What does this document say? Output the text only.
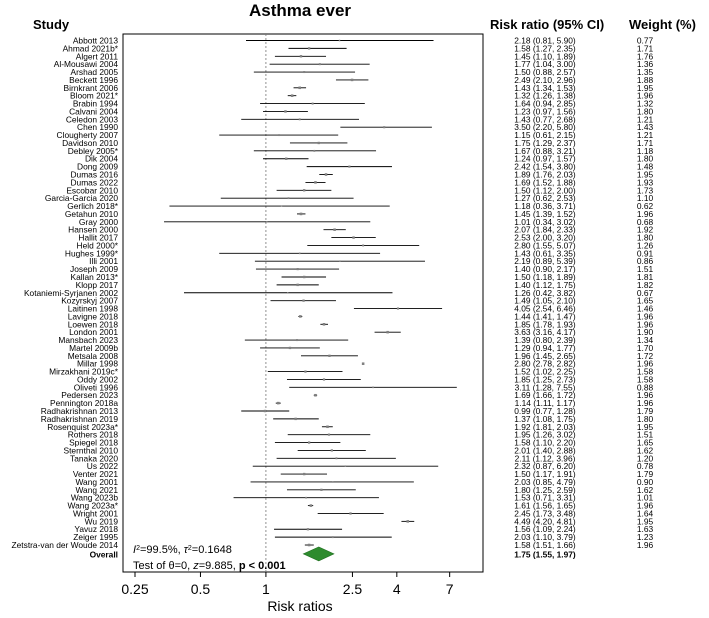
Asthma ever
Study	Risk ratio (95% CI) Weight (%)
Abbott 2013	2.18 (0.81, 5.90)	0.77
Ahmad 2021b*	1.58 (1.27, 2.35)	1.71
Algert 2011	1.45 (1.10, 1.89)	1.76
Al-Mousawi 2004	1.77 (1.04, 3.00)	1.36
Arshad 2005	1.50 (0.88, 2.57)	1.35
Beckett 1996	2.49 (2.10, 2.96)	1.88
Birnkrant 2006	1.43 (1.34, 1.53)	1.95
Bloom 2021*	1.32 (1.26, 1.38)	1.96
Brabin 1994	1.64 (0.94, 2.85)	1.32
Calvani 2004	1.23 (0.97, 1.56)	1.80
Celedon 2003	1.43 (0.77, 2.68)	1.21
Chen 1990	3.50 (2.20, 5.80)	1.43
Clougherty 2007	1.15 (0.61, 2.15)	1.21
Davidson 2010	1.75 (1.29, 2.37)	1.71
Debley 2005*	1.67 (0.88, 3.21)	1.18
Dik 2004	1.24 (0.97, 1.57)	1.80
Dong 2009	2.42 (1.54, 3.80)	1.48
Dumas 2016	1.89 (1.76, 2.03)	1.95
Dumas 2022	1.69 (1.52, 1.88)	1.93
Escobar 2010	1.50 (1.12, 2.00)	1.73
Garcia-Garcia 2020	1.27 (0.62, 2.53)	1.10
Gerlich 2018*	1.18 (0.36, 3.71)	0.62
Getahun 2010	1.45 (1.39, 1.52)	1.96
Gray 2000	1.01 (0.34, 3.02)	0.68
Hansen 2000	2.07 (1.84, 2.33)	1.92
Hallit 2017	2.53 (2.00, 3.20)	1.80
Held 2000*	2.80 (1.55, 5.07)	1.26
Hughes 1999*	1.43 (0.61, 3.35)	0.91
Illi 2001	2.19 (0.89, 5.39)	0.86
Joseph 2009	1.40 (0.90, 2.17)	1.51
Kallan 2013*	1.50 (1.18, 1.89)	1.81
Klopp 2017	1.40 (1.12, 1.75)	1.82
Kotaniemi-Syrjanen 2002	1.26 (0.42, 3.82)	0.67
Kozyrskyj 2007	1.49 (1.05, 2.10)	1.65
Laitinen 1998	4.05 (2.54, 6.46)	1.46
Lavigne 2018	1.44 (1.41, 1.47)	1.96
Loewen 2018	1.85 (1.78, 1.93)	1.96
London 2001	3.63 (3.16, 4.17)	1.90
Mansbach 2023	1.39 (0.80, 2.39)	1.34
Martel 2009b	1.29 (0.94, 1.77)	1.70
Metsala 2008	1.96 (1.45, 2.65)	1.72
Millar 1998	2.80 (2.78, 2.82)	1.96
Mirzakhani 2019c*	1.52 (1.02, 2.25)	1.58
Oddy 2002	1.85 (1.25, 2.73)	1.58
Oliveti 1996	3.11 (1.28, 7.55)	0.88
Pedersen 2023	1.69 (1.66, 1.72)	1.96
Pennington 2018a	1.14 (1.11, 1.17)	1.96
Radhakrishnan 2013	0.99 (0.77, 1.28)	1.79
Radhakrishnan 2019	1.37 (1.08, 1.75)	1.80
Rosenquist 2023a*	1.92 (1.81, 2.03)	1.95
Rothers 2018	1.95 (1.26, 3.02)	1.51
Spiegel 2018	1.58 (1.10, 2.20)	1.65
Sternthal 2010	2.01 (1.40, 2.88)	1.62
Tanaka 2020	2.11 (1.12, 3.96)	1.20
Us 2022	2.32 (0.87, 6.20)	0.78
Venter 2021	1.50 (1.17, 1.91)	1.79
Wang 2001	2.03 (0.85, 4.79)	0.90
Wang 2021	1.80 (1.25, 2.59)	1.62
Wang 2023b	1.53 (0.71, 3.31)	1.01
Wang 2023a*	1.61 (1.56, 1.65)	1.96
Wright 2001	2.45 (1.73, 3.48)	1.64
Wu 2019	4.49 (4.20, 4.81)	1.95
Yavuz 2018	1.56 (1.09, 2.24)	1.63
Zeiger 1995	2.03 (1.10, 3.79)	1.23
Zetstra-van der Woude 2014	1.58 (1.51, 1.66)	1.96
Overall	1.75 (1.55, 1.97)
$I^2=99.5\%$, $\tau^2=0.1648$
Test of θ=0, z=9.885, p < 0.001
0.25	0.5	1	2.5 4	7
Risk ratios
